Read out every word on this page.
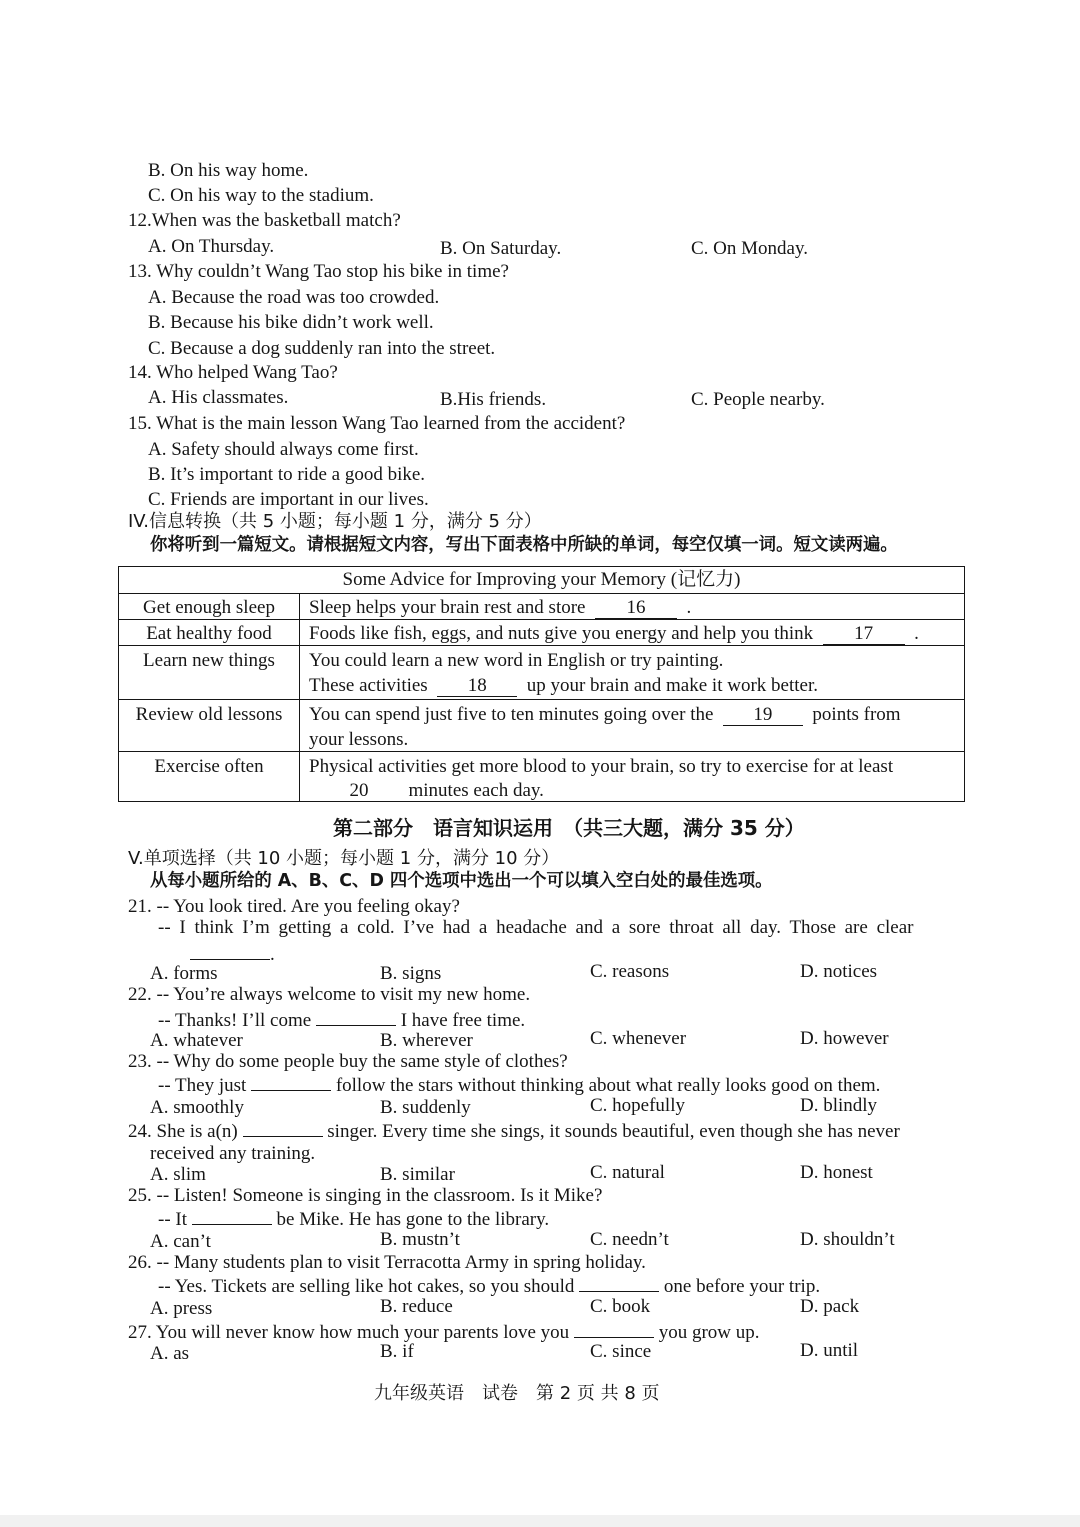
B. On his way home.
C. On his way to the stadium.
12.When was the basketball match?
A. On Thursday.	B. On Saturday.	C. On Monday.
13. Why couldn’t Wang Tao stop his bike in time?
A. Because the road was too crowded.
B. Because his bike didn’t work well.
C. Because a dog suddenly ran into the street.
14. Who helped Wang Tao?
A. His classmates.	B.His friends.	C. People nearby.
15. What is the main lesson Wang Tao learned from the accident?
A. Safety should always come first.
B. It’s important to ride a good bike.
C. Friends are important in our lives.
IV.信息转换（共 5 小题；每小题 1 分，满分 5 分）
你将听到一篇短文。请根据短文内容，写出下面表格中所缺的单词，每空仅填一词。短文读两遍。
Some Advice for Improving your Memory (记忆力)
Get enough sleep	Sleep helps your brain rest and store 16 .
Eat healthy food	Foods like fish, eggs, and nuts give you energy and help you think 17 .
Learn new things	You could learn a new word in English or try painting.
These activities 18 up your brain and make it work better.
Review old lessons	You can spend just five to ten minutes going over the 19 points from
your lessons.
Exercise often	Physical activities get more blood to your brain, so try to exercise for at least
20 minutes each day.
第二部分　语言知识运用　（共三大题，满分 35 分）
V.单项选择（共 10 小题；每小题 1 分，满分 10 分）
从每小题所给的 A、B、C、D 四个选项中选出一个可以填入空白处的最佳选项。
21. -- You look tired. Are you feeling okay?
-- I think I’m getting a cold. I’ve had a headache and a sore throat all day. Those are clear
.
A. forms	B. signs	C. reasons	D. notices
22. -- You’re always welcome to visit my new home.
-- Thanks! I’ll come	I have free time.
A. whatever	B. wherever	C. whenever	D. however
23. -- Why do some people buy the same style of clothes?
-- They just	follow the stars without thinking about what really looks good on them.
A. smoothly	B. suddenly	C. hopefully	D. blindly
24. She is a(n)	singer. Every time she sings, it sounds beautiful, even though she has never
received any training.
A. slim	B. similar	C. natural	D. honest
25. -- Listen! Someone is singing in the classroom. Is it Mike?
-- It	be Mike. He has gone to the library.
A. can’t	B. mustn’t	C. needn’t	D. shouldn’t
26. -- Many students plan to visit Terracotta Army in spring holiday.
-- Yes. Tickets are selling like hot cakes, so you should	one before your trip.
A. press	B. reduce	C. book	D. pack
27. You will never know how much your parents love you	you grow up.
A. as	B. if	C. since	D. until
九年级英语　试卷　第 2 页 共 8 页
